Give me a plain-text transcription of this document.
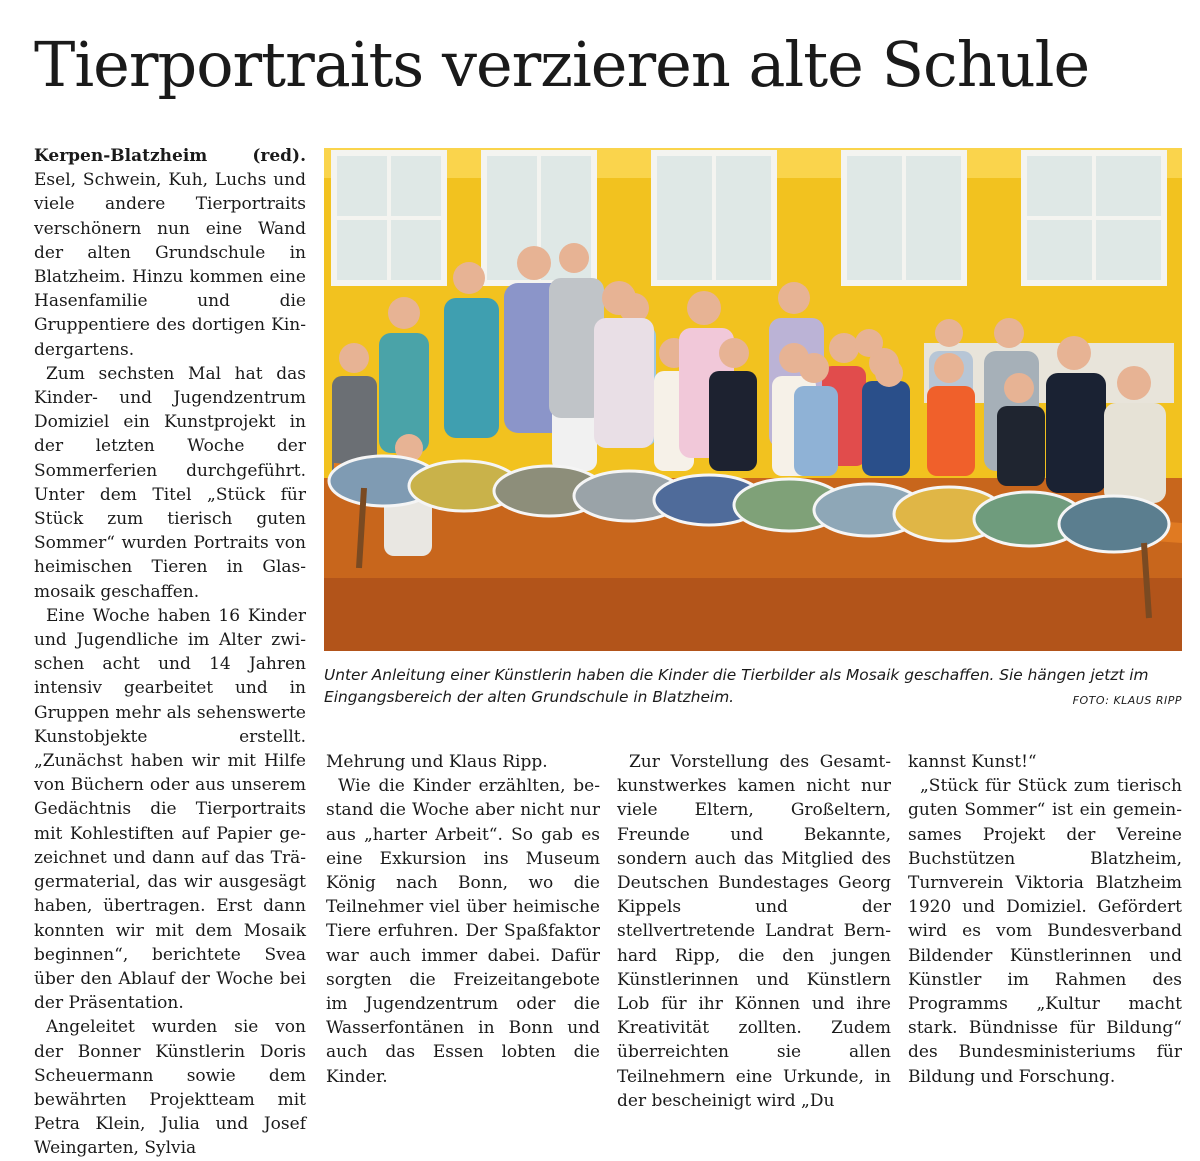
Tierportraits verzieren alte Schule

Kerpen-Blatzheim (red). Esel, Schwein, Kuh, Luchs und viele andere Tierportraits verschönern nun eine Wand der alten Grundschule in Blatzheim. Hinzu kommen eine Hasenfamilie und die Gruppentiere des dortigen Kindergartens.

Zum sechsten Mal hat das Kinder- und Jugendzentrum Domiziel ein Kunstprojekt in der letzten Woche der Sommerferien durchgeführt. Unter dem Titel „Stück für Stück zum tierisch guten Sommer“ wurden Portraits von heimischen Tieren in Glasmosaik geschaffen.

Eine Woche haben 16 Kinder und Jugendliche im Alter zwischen acht und 14 Jahren intensiv gearbeitet und in Gruppen mehr als sehenswerte Kunstobjekte erstellt. „Zunächst haben wir mit Hilfe von Büchern oder aus unserem Gedächtnis die Tierportraits mit Kohlestiften auf Papier gezeichnet und dann auf das Trägermaterial, das wir ausgesägt haben, übertragen. Erst dann konnten wir mit dem Mosaik beginnen“, berichtete Svea über den Ablauf der Woche bei der Präsentation.

Angeleitet wurden sie von der Bonner Künstlerin Doris Scheuermann sowie dem bewährten Projektteam mit Petra Klein, Julia und Josef Weingarten, Sylvia

Unter Anleitung einer Künstlerin haben die Kinder die Tierbilder als Mosaik geschaffen. Sie hängen jetzt im Eingangsbereich der alten Grundschule in Blatzheim.	FOTO: KLAUS RIPP

Mehrung und Klaus Ripp.

Wie die Kinder erzählten, bestand die Woche aber nicht nur aus „harter Arbeit“. So gab es eine Exkursion ins Museum König nach Bonn, wo die Teilnehmer viel über heimische Tiere erfuhren. Der Spaßfaktor war auch immer dabei. Dafür sorgten die Freizeitangebote im Jugendzentrum oder die Wasserfontänen in Bonn und auch das Essen lobten die Kinder.

Zur Vorstellung des Gesamtkunstwerkes kamen nicht nur viele Eltern, Großeltern, Freunde und Bekannte, sondern auch das Mitglied des Deutschen Bundestages Georg Kippels und der stellvertretende Landrat Bernhard Ripp, die den jungen Künstlerinnen und Künstlern Lob für ihr Können und ihre Kreativität zollten. Zudem überreichten sie allen Teilnehmern eine Urkunde, in der bescheinigt wird „Du

kannst Kunst!“

„Stück für Stück zum tierisch guten Sommer“ ist ein gemeinsames Projekt der Vereine Buchstützen Blatzheim, Turnverein Viktoria Blatzheim 1920 und Domiziel. Gefördert wird es vom Bundesverband Bildender Künstlerinnen und Künstler im Rahmen des Programms „Kultur macht stark. Bündnisse für Bildung“ des Bundesministeriums für Bildung und Forschung.
